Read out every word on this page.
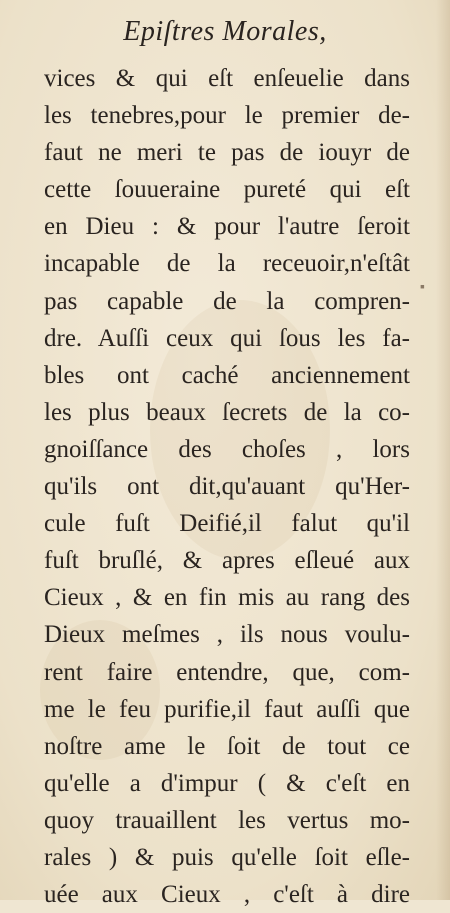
Epiſtres Morales,
vices & qui eſt enſeuelie dans
les tenebres,pour le premier de-
faut ne meri te pas de iouyr de
cette ſouueraine pureté qui eſt
en Dieu : & pour l'autre ſeroit
incapable de la receuoir,n'eſtât
pas capable de la compren-
dre. Auſſi ceux qui ſous les fa-
bles ont caché anciennement
les plus beaux ſecrets de la co-
gnoiſſance des choſes , lors
qu'ils ont dit,qu'auant qu'Her-
cule fuſt Deifié,il falut qu'il
fuſt bruſlé, & apres eſleué aux
Cieux , & en fin mis au rang des
Dieux meſmes , ils nous voulu-
rent faire entendre, que, com-
me le feu purifie,il faut auſſi que
noſtre ame le ſoit de tout ce
qu'elle a d'impur ( & c'eſt en
quoy trauaillent les vertus mo-
rales ) & puis qu'elle ſoit eſle-
uée aux Cieux , c'eſt à dire
▪
